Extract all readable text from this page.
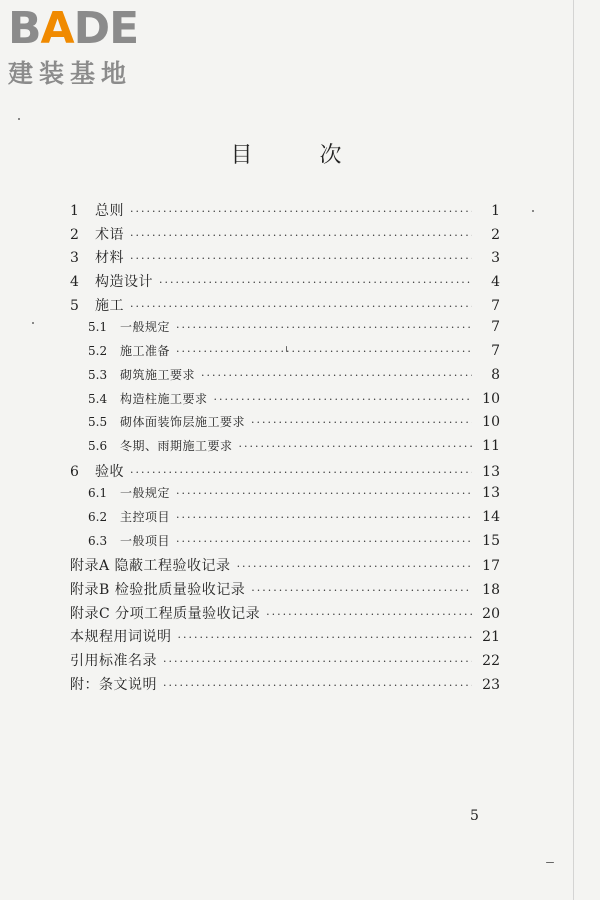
BADE
建装基地
目 次
1	总则 ·····	1
2	术语 ·····	2
3	材料 ·····	3
4	构造设计 ·····	4
5	施工 ·····	7
5.1	一般规定 ·····	7
5.2	施工准备 ·····	7
5.3	砌筑施工要求 ·····	8
5.4	构造柱施工要求 ·····	10
5.5	砌体面装饰层施工要求 ·····	10
5.6	冬期、雨期施工要求 ·····	11
6	验收 ·····	13
6.1	一般规定 ·····	13
6.2	主控项目 ·····	14
6.3	一般项目 ·····	15
附录A 隐蔽工程验收记录 ·····	17
附录B 检验批质量验收记录 ·····	18
附录C 分项工程质量验收记录 ·····	20
本规程用词说明 ·····	21
引用标准名录 ·····	22
附：条文说明 ·····	23
5
